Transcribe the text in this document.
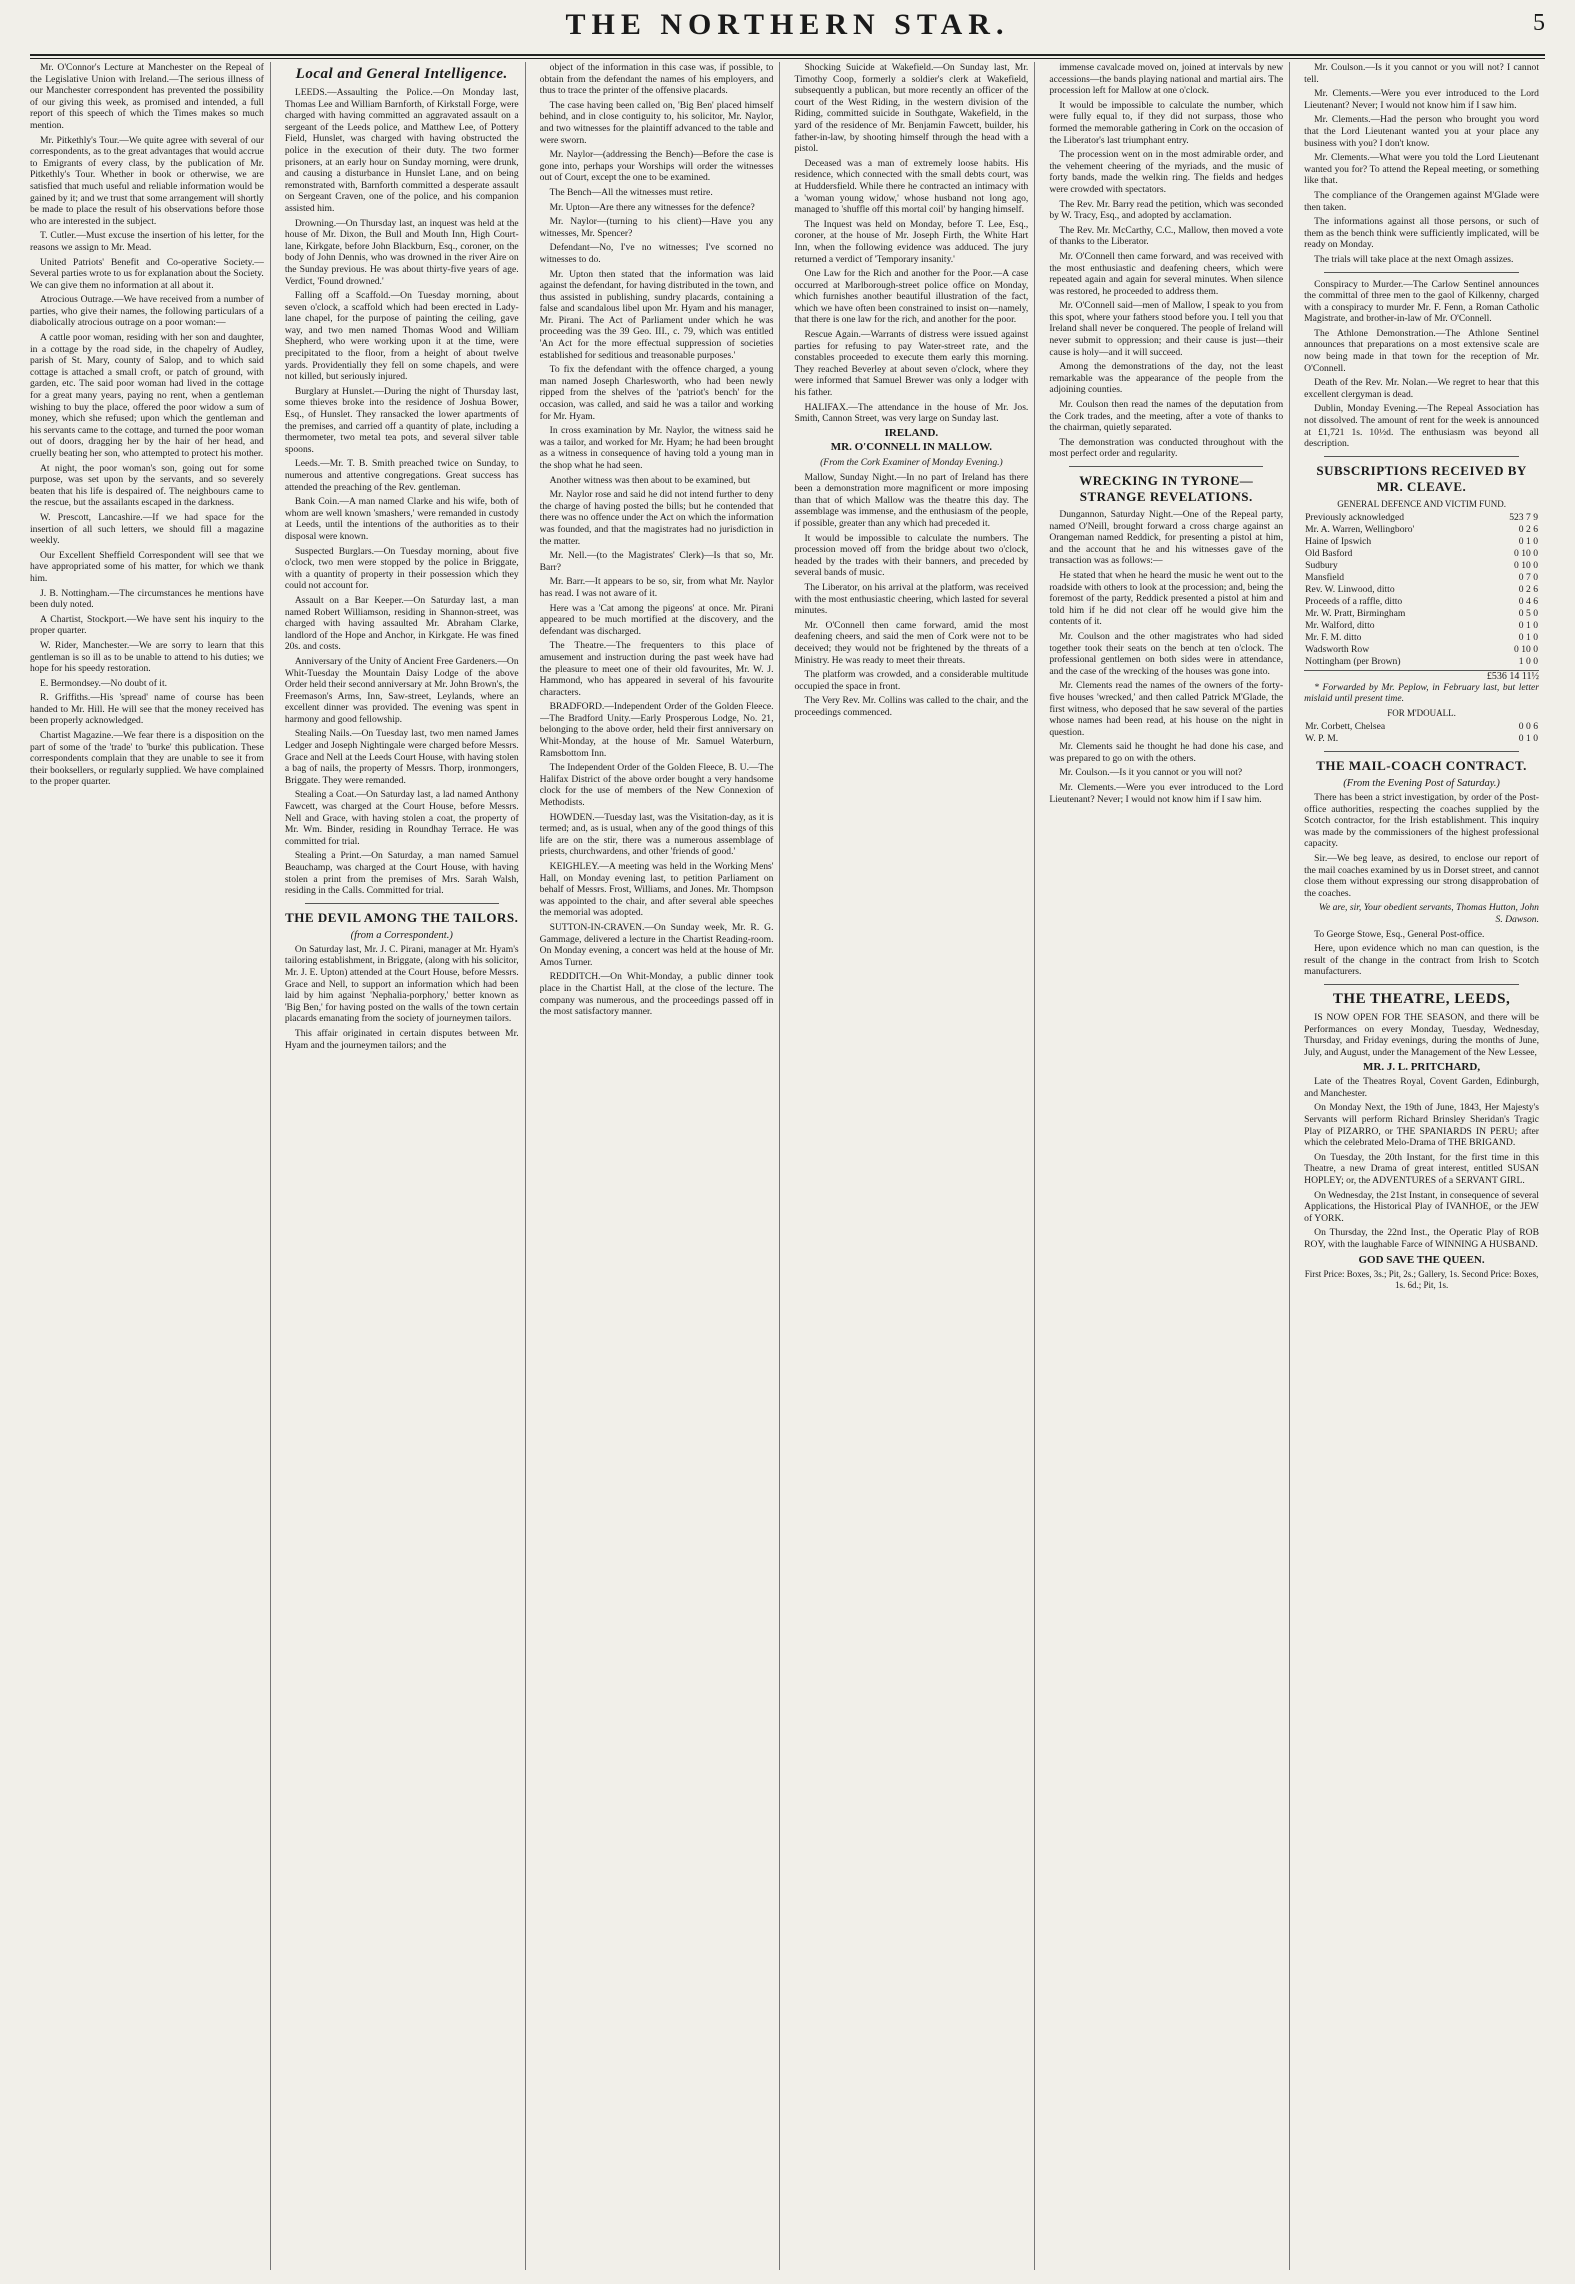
THE NORTHERN STAR.	5

Mr. O'Connor's Lecture at Manchester on the Repeal of the Legislative Union with Ireland.—The serious illness of our Manchester correspondent has prevented the possibility of our giving this week, as promised and intended, a full report of this speech of which the Times makes so much mention.

Mr. Pitkethly's Tour.—We quite agree with several of our correspondents, as to the great advantages that would accrue to Emigrants of every class, by the publication of Mr. Pitkethly's Tour. Whether in book or otherwise, we are satisfied that much useful and reliable information would be gained by it; and we trust that some arrangement will shortly be made to place the result of his observations before those who are interested in the subject.

T. Cutler.—Must excuse the insertion of his letter, for the reasons we assign to Mr. Mead.

United Patriots' Benefit and Co-operative Society.—Several parties wrote to us for explanation about the Society. We can give them no information at all about it.

Atrocious Outrage.—We have received from a number of parties, who give their names, the following particulars of a diabolically atrocious outrage on a poor woman:—

A cattle poor woman, residing with her son and daughter, in a cottage by the road side, in the chapelry of Audley, parish of St. Mary, county of Salop, and to which said cottage is attached a small croft, or patch of ground, with garden, etc. The said poor woman had lived in the cottage for a great many years, paying no rent, when a gentleman wishing to buy the place, offered the poor widow a sum of money, which she refused; upon which the gentleman and his servants came to the cottage, and turned the poor woman out of doors, dragging her by the hair of her head, and cruelly beating her son, who attempted to protect his mother.

At night, the poor woman's son, going out for some purpose, was set upon by the servants, and so severely beaten that his life is despaired of. The neighbours came to the rescue, but the assailants escaped in the darkness.

W. Prescott, Lancashire.—If we had space for the insertion of all such letters, we should fill a magazine weekly.

Our Excellent Sheffield Correspondent will see that we have appropriated some of his matter, for which we thank him.

J. B. Nottingham.—The circumstances he mentions have been duly noted.

A Chartist, Stockport.—We have sent his inquiry to the proper quarter.

W. Rider, Manchester.—We are sorry to learn that this gentleman is so ill as to be unable to attend to his duties; we hope for his speedy restoration.

E. Bermondsey.—No doubt of it.

R. Griffiths.—His 'spread' name of course has been handed to Mr. Hill. He will see that the money received has been properly acknowledged.

Chartist Magazine.—We fear there is a disposition on the part of some of the 'trade' to 'burke' this publication. These correspondents complain that they are unable to see it from their booksellers, or regularly supplied. We have complained to the proper quarter.

Local and General Intelligence.

LEEDS.—Assaulting the Police.—On Monday last, Thomas Lee and William Barnforth, of Kirkstall Forge, were charged with having committed an aggravated assault on a sergeant of the Leeds police, and Matthew Lee, of Pottery Field, Hunslet, was charged with having obstructed the police in the execution of their duty. The two former prisoners, at an early hour on Sunday morning, were drunk, and causing a disturbance in Hunslet Lane, and on being remonstrated with, Barnforth committed a desperate assault on Sergeant Craven, one of the police, and his companion assisted him.

Drowning.—On Thursday last, an inquest was held at the house of Mr. Dixon, the Bull and Mouth Inn, High Court-lane, Kirkgate, before John Blackburn, Esq., coroner, on the body of John Dennis, who was drowned in the river Aire on the Sunday previous. He was about thirty-five years of age. Verdict, 'Found drowned.'

Falling off a Scaffold.—On Tuesday morning, about seven o'clock, a scaffold which had been erected in Lady-lane chapel, for the purpose of painting the ceiling, gave way, and two men named Thomas Wood and William Shepherd, who were working upon it at the time, were precipitated to the floor, from a height of about twelve yards. Providentially they fell on some chapels, and were not killed, but seriously injured.

Burglary at Hunslet.—During the night of Thursday last, some thieves broke into the residence of Joshua Bower, Esq., of Hunslet. They ransacked the lower apartments of the premises, and carried off a quantity of plate, including a thermometer, two metal tea pots, and several silver table spoons.

Leeds.—Mr. T. B. Smith preached twice on Sunday, to numerous and attentive congregations. Great success has attended the preaching of the Rev. gentleman.

Bank Coin.—A man named Clarke and his wife, both of whom are well known 'smashers,' were remanded in custody at Leeds, until the intentions of the authorities as to their disposal were known.

Suspected Burglars.—On Tuesday morning, about five o'clock, two men were stopped by the police in Briggate, with a quantity of property in their possession which they could not account for.

Assault on a Bar Keeper.—On Saturday last, a man named Robert Williamson, residing in Shannon-street, was charged with having assaulted Mr. Abraham Clarke, landlord of the Hope and Anchor, in Kirkgate. He was fined 20s. and costs.

Anniversary of the Unity of Ancient Free Gardeners.—On Whit-Tuesday the Mountain Daisy Lodge of the above Order held their second anniversary at Mr. John Brown's, the Freemason's Arms, Inn, Saw-street, Leylands, where an excellent dinner was provided. The evening was spent in harmony and good fellowship.

Stealing Nails.—On Tuesday last, two men named James Ledger and Joseph Nightingale were charged before Messrs. Grace and Nell at the Leeds Court House, with having stolen a bag of nails, the property of Messrs. Thorp, ironmongers, Briggate. They were remanded.

Stealing a Coat.—On Saturday last, a lad named Anthony Fawcett, was charged at the Court House, before Messrs. Nell and Grace, with having stolen a coat, the property of Mr. Wm. Binder, residing in Roundhay Terrace. He was committed for trial.

Stealing a Print.—On Saturday, a man named Samuel Beauchamp, was charged at the Court House, with having stolen a print from the premises of Mrs. Sarah Walsh, residing in the Calls. Committed for trial.

THE DEVIL AMONG THE TAILORS.
(from a Correspondent.)

On Saturday last, Mr. J. C. Pirani, manager at Mr. Hyam's tailoring establishment, in Briggate, (along with his solicitor, Mr. J. E. Upton) attended at the Court House, before Messrs. Grace and Nell, to support an information which had been laid by him against 'Nephalia-porphory,' better known as 'Big Ben,' for having posted on the walls of the town certain placards emanating from the society of journeymen tailors.

This affair originated in certain disputes between Mr. Hyam and the journeymen tailors; and the

object of the information in this case was, if possible, to obtain from the defendant the names of his employers, and thus to trace the printer of the offensive placards.

The case having been called on, 'Big Ben' placed himself behind, and in close contiguity to, his solicitor, Mr. Naylor, and two witnesses for the plaintiff advanced to the table and were sworn.

Mr. Naylor—(addressing the Bench)—Before the case is gone into, perhaps your Worships will order the witnesses out of Court, except the one to be examined.

The Bench—All the witnesses must retire.

Mr. Upton—Are there any witnesses for the defence?

Mr. Naylor—(turning to his client)—Have you any witnesses, Mr. Spencer?

Defendant—No, I've no witnesses; I've scorned no witnesses to do.

Mr. Upton then stated that the information was laid against the defendant, for having distributed in the town, and thus assisted in publishing, sundry placards, containing a false and scandalous libel upon Mr. Hyam and his manager, Mr. Pirani. The Act of Parliament under which he was proceeding was the 39 Geo. III., c. 79, which was entitled 'An Act for the more effectual suppression of societies established for seditious and treasonable purposes.'

To fix the defendant with the offence charged, a young man named Joseph Charlesworth, who had been newly ripped from the shelves of the 'patriot's bench' for the occasion, was called, and said he was a tailor and working for Mr. Hyam.

In cross examination by Mr. Naylor, the witness said he was a tailor, and worked for Mr. Hyam; he had been brought as a witness in consequence of having told a young man in the shop what he had seen.

Another witness was then about to be examined, but

Mr. Naylor rose and said he did not intend further to deny the charge of having posted the bills; but he contended that there was no offence under the Act on which the information was founded, and that the magistrates had no jurisdiction in the matter.

Mr. Nell.—(to the Magistrates' Clerk)—Is that so, Mr. Barr?

Mr. Barr.—It appears to be so, sir, from what Mr. Naylor has read. I was not aware of it.

Here was a 'Cat among the pigeons' at once. Mr. Pirani appeared to be much mortified at the discovery, and the defendant was discharged.

The Theatre.—The frequenters to this place of amusement and instruction during the past week have had the pleasure to meet one of their old favourites, Mr. W. J. Hammond, who has appeared in several of his favourite characters.

BRADFORD.—Independent Order of the Golden Fleece.—The Bradford Unity.—Early Prosperous Lodge, No. 21, belonging to the above order, held their first anniversary on Whit-Monday, at the house of Mr. Samuel Waterburn, Ramsbottom Inn.

The Independent Order of the Golden Fleece, B. U.—The Halifax District of the above order bought a very handsome clock for the use of members of the New Connexion of Methodists.

HOWDEN.—Tuesday last, was the Visitation-day, as it is termed; and, as is usual, when any of the good things of this life are on the stir, there was a numerous assemblage of priests, churchwardens, and other 'friends of good.'

KEIGHLEY.—A meeting was held in the Working Mens' Hall, on Monday evening last, to petition Parliament on behalf of Messrs. Frost, Williams, and Jones. Mr. Thompson was appointed to the chair, and after several able speeches the memorial was adopted.

SUTTON-IN-CRAVEN.—On Sunday week, Mr. R. G. Gammage, delivered a lecture in the Chartist Reading-room. On Monday evening, a concert was held at the house of Mr. Amos Turner.

REDDITCH.—On Whit-Monday, a public dinner took place in the Chartist Hall, at the close of the lecture. The company was numerous, and the proceedings passed off in the most satisfactory manner.

Shocking Suicide at Wakefield.—On Sunday last, Mr. Timothy Coop, formerly a soldier's clerk at Wakefield, subsequently a publican, but more recently an officer of the court of the West Riding, in the western division of the Riding, committed suicide in Southgate, Wakefield, in the yard of the residence of Mr. Benjamin Fawcett, builder, his father-in-law, by shooting himself through the head with a pistol.

Deceased was a man of extremely loose habits. His residence, which connected with the small debts court, was at Huddersfield. While there he contracted an intimacy with a 'woman young widow,' whose husband not long ago, managed to 'shuffle off this mortal coil' by hanging himself.

The Inquest was held on Monday, before T. Lee, Esq., coroner, at the house of Mr. Joseph Firth, the White Hart Inn, when the following evidence was adduced. The jury returned a verdict of 'Temporary insanity.'

One Law for the Rich and another for the Poor.—A case occurred at Marlborough-street police office on Monday, which furnishes another beautiful illustration of the fact, which we have often been constrained to insist on—namely, that there is one law for the rich, and another for the poor.

Rescue Again.—Warrants of distress were issued against parties for refusing to pay Water-street rate, and the constables proceeded to execute them early this morning. They reached Beverley at about seven o'clock, where they were informed that Samuel Brewer was only a lodger with his father.

HALIFAX.—The attendance in the house of Mr. Jos. Smith, Cannon Street, was very large on Sunday last.

IRELAND.

MR. O'CONNELL IN MALLOW.

(From the Cork Examiner of Monday Evening.)

Mallow, Sunday Night.—In no part of Ireland has there been a demonstration more magnificent or more imposing than that of which Mallow was the theatre this day. The assemblage was immense, and the enthusiasm of the people, if possible, greater than any which had preceded it.

It would be impossible to calculate the numbers. The procession moved off from the bridge about two o'clock, headed by the trades with their banners, and preceded by several bands of music.

The Liberator, on his arrival at the platform, was received with the most enthusiastic cheering, which lasted for several minutes.

Mr. O'Connell then came forward, amid the most deafening cheers, and said the men of Cork were not to be deceived; they would not be frightened by the threats of a Ministry. He was ready to meet their threats.

The platform was crowded, and a considerable multitude occupied the space in front.

The Very Rev. Mr. Collins was called to the chair, and the proceedings commenced.

immense cavalcade moved on, joined at intervals by new accessions—the bands playing national and martial airs. The procession left for Mallow at one o'clock.

It would be impossible to calculate the number, which were fully equal to, if they did not surpass, those who formed the memorable gathering in Cork on the occasion of the Liberator's last triumphant entry.

The procession went on in the most admirable order, and the vehement cheering of the myriads, and the music of forty bands, made the welkin ring. The fields and hedges were crowded with spectators.

The Rev. Mr. Barry read the petition, which was seconded by W. Tracy, Esq., and adopted by acclamation.

The Rev. Mr. McCarthy, C.C., Mallow, then moved a vote of thanks to the Liberator.

Mr. O'Connell then came forward, and was received with the most enthusiastic and deafening cheers, which were repeated again and again for several minutes. When silence was restored, he proceeded to address them.

Mr. O'Connell said—men of Mallow, I speak to you from this spot, where your fathers stood before you. I tell you that Ireland shall never be conquered. The people of Ireland will never submit to oppression; and their cause is just—their cause is holy—and it will succeed.

Among the demonstrations of the day, not the least remarkable was the appearance of the people from the adjoining counties.

Mr. Coulson then read the names of the deputation from the Cork trades, and the meeting, after a vote of thanks to the chairman, quietly separated.

The demonstration was conducted throughout with the most perfect order and regularity.

WRECKING IN TYRONE—STRANGE REVELATIONS.

Dungannon, Saturday Night.—One of the Repeal party, named O'Neill, brought forward a cross charge against an Orangeman named Reddick, for presenting a pistol at him, and the account that he and his witnesses gave of the transaction was as follows:—

He stated that when he heard the music he went out to the roadside with others to look at the procession; and, being the foremost of the party, Reddick presented a pistol at him and told him if he did not clear off he would give him the contents of it.

Mr. Coulson and the other magistrates who had sided together took their seats on the bench at ten o'clock. The professional gentlemen on both sides were in attendance, and the case of the wrecking of the houses was gone into.

Mr. Clements read the names of the owners of the forty-five houses 'wrecked,' and then called Patrick M'Glade, the first witness, who deposed that he saw several of the parties whose names had been read, at his house on the night in question.

Mr. Clements said he thought he had done his case, and was prepared to go on with the others.

Mr. Coulson.—Is it you cannot or you will not?

Mr. Clements.—Were you ever introduced to the Lord Lieutenant? Never; I would not know him if I saw him.

Mr. Coulson.—Is it you cannot or you will not? I cannot tell.

Mr. Clements.—Were you ever introduced to the Lord Lieutenant? Never; I would not know him if I saw him.

Mr. Clements.—Had the person who brought you word that the Lord Lieutenant wanted you at your place any business with you? I don't know.

Mr. Clements.—What were you told the Lord Lieutenant wanted you for? To attend the Repeal meeting, or something like that.

The compliance of the Orangemen against M'Glade were then taken.

The informations against all those persons, or such of them as the bench think were sufficiently implicated, will be ready on Monday.

The trials will take place at the next Omagh assizes.

Conspiracy to Murder.—The Carlow Sentinel announces the committal of three men to the gaol of Kilkenny, charged with a conspiracy to murder Mr. F. Fenn, a Roman Catholic Magistrate, and brother-in-law of Mr. O'Connell.

The Athlone Demonstration.—The Athlone Sentinel announces that preparations on a most extensive scale are now being made in that town for the reception of Mr. O'Connell.

Death of the Rev. Mr. Nolan.—We regret to hear that this excellent clergyman is dead.

Dublin, Monday Evening.—The Repeal Association has not dissolved. The amount of rent for the week is announced at £1,721 1s. 10½d. The enthusiasm was beyond all description.

SUBSCRIPTIONS RECEIVED BY MR. CLEAVE.
GENERAL DEFENCE AND VICTIM FUND.
Previously acknowledged	523 7 9
Mr. A. Warren, Wellingboro'	0 2 6
Haine of Ipswich	0 1 0
Old Basford	0 10 0
Sudbury	0 10 0
Mansfield	0 7 0
Rev. W. Linwood, ditto	0 2 6
Proceeds of a raffle, ditto	0 4 6
Mr. W. Pratt, Birmingham	0 5 0
Mr. Walford, ditto	0 1 0
Mr. F. M. ditto	0 1 0
Wadsworth Row	0 10 0
Nottingham (per Brown)	1 0 0
£536 14 11½

* Forwarded by Mr. Peplow, in February last, but letter mislaid until present time.

FOR M'DOUALL.
Mr. Corbett, Chelsea	0 0 6
W. P. M.	0 1 0
THE MAIL-COACH CONTRACT.
(From the Evening Post of Saturday.)

There has been a strict investigation, by order of the Post-office authorities, respecting the coaches supplied by the Scotch contractor, for the Irish establishment. This inquiry was made by the commissioners of the highest professional capacity.

Sir.—We beg leave, as desired, to enclose our report of the mail coaches examined by us in Dorset street, and cannot close them without expressing our strong disapprobation of the coaches.

We are, sir, Your obedient servants, Thomas Hutton, John S. Dawson.

To George Stowe, Esq., General Post-office.

Here, upon evidence which no man can question, is the result of the change in the contract from Irish to Scotch manufacturers.

THE THEATRE, LEEDS,

IS NOW OPEN FOR THE SEASON, and there will be Performances on every Monday, Tuesday, Wednesday, Thursday, and Friday evenings, during the months of June, July, and August, under the Management of the New Lessee,

MR. J. L. PRITCHARD,

Late of the Theatres Royal, Covent Garden, Edinburgh, and Manchester.

On Monday Next, the 19th of June, 1843, Her Majesty's Servants will perform Richard Brinsley Sheridan's Tragic Play of PIZARRO, or THE SPANIARDS IN PERU; after which the celebrated Melo-Drama of THE BRIGAND.

On Tuesday, the 20th Instant, for the first time in this Theatre, a new Drama of great interest, entitled SUSAN HOPLEY; or, the ADVENTURES of a SERVANT GIRL.

On Wednesday, the 21st Instant, in consequence of several Applications, the Historical Play of IVANHOE, or the JEW of YORK.

On Thursday, the 22nd Inst., the Operatic Play of ROB ROY, with the laughable Farce of WINNING A HUSBAND.

GOD SAVE THE QUEEN.

First Price: Boxes, 3s.; Pit, 2s.; Gallery, 1s. Second Price: Boxes, 1s. 6d.; Pit, 1s.
